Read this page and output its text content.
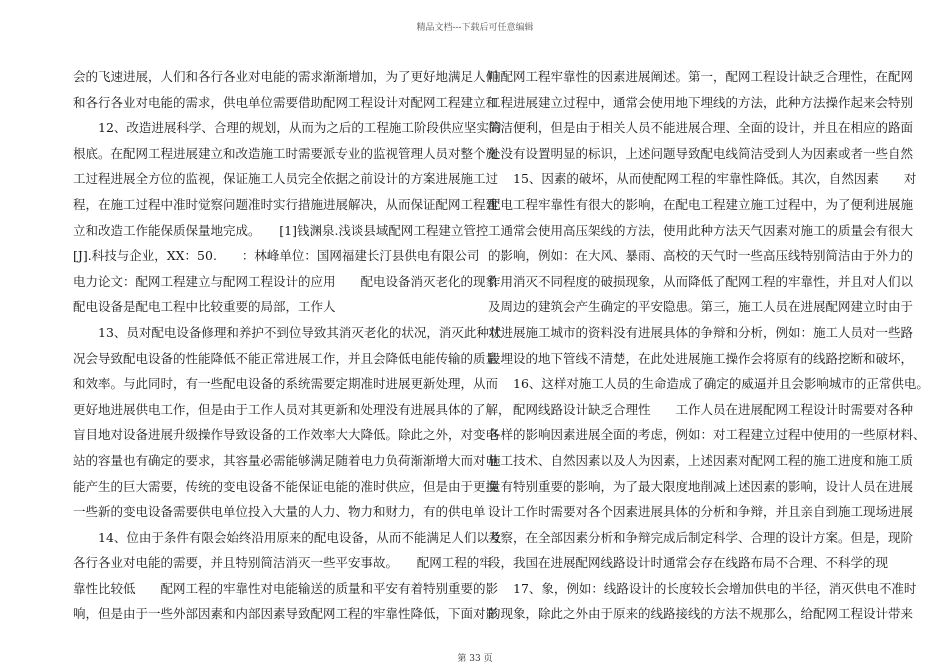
精品文档---下载后可任意编辑
会的飞速进展，人们和各行各业对电能的需求渐渐增加，为了更好地满足人们
和各行各业对电能的需求，供电单位需要借助配网工程设计对配网工程建立和
　　12、改造进展科学、合理的规划，从而为之后的工程施工阶段供应坚实的
根底。在配网工程进展建立和改造施工时需要派专业的监视管理人员对整个施
工过程进展全方位的监视，保证施工人员完全依据之前设计的方案进展施工过
程，在施工过程中准时觉察问题准时实行措施进展解决，从而保证配网工程建
立和改造工作能保质保量地完成。　　[1]钱渊泉.浅谈县域配网工程建立管控
[J].科技与企业，XX：50.　　：林峰单位：国网福建长汀县供电有限公司
电力论文：配网工程建立与配网工程设计的应用　　配电设备消灭老化的现象
配电设备是配电工程中比较重要的局部，工作人
　　13、员对配电设备修理和养护不到位导致其消灭老化的状况，消灭此种状
况会导致配电设备的性能降低不能正常进展工作，并且会降低电能传输的质量
和效率。与此同时，有一些配电设备的系统需要定期准时进展更新处理，从而
更好地进展供电工作，但是由于工作人员对其更新和处理没有进展具体的了解，
盲目地对设备进展升级操作导致设备的工作效率大大降低。除此之外，对变电
站的容量也有确定的要求，其容量必需能够满足随着电力负荷渐渐增大而对电
能产生的巨大需要，传统的变电设备不能保证电能的准时供应，但是由于更换
一些新的变电设备需要供电单位投入大量的人力、物力和财力，有的供电单
　　14、位由于条件有限会始终沿用原来的配电设备，从而不能满足人们以及
各行各业对电能的需要，并且特别简洁消灭一些平安事故。　　配网工程的牢
靠性比较低　　配网工程的牢靠性对电能输送的质量和平安有着特别重要的影
响，但是由于一些外部因素和内部因素导致配网工程的牢靠性降低，下面对影
响配网工程牢靠性的因素进展阐述。第一，配网工程设计缺乏合理性，在配网
工程进展建立过程中，通常会使用地下埋线的方法，此种方法操作起来会特别
简洁便利，但是由于相关人员不能进展合理、全面的设计，并且在相应的路面
处没有设置明显的标识，上述问题导致配电线简洁受到人为因素或者一些自然
　　15、因素的破坏，从而使配网工程的牢靠性降低。其次，自然因素　　对
配电工程牢靠性有很大的影响，在配电工程建立施工过程中，为了便利进展施
工通常会使用高压架线的方法，使用此种方法天气因素对施工的质量会有很大
的影响，例如：在大风、暴雨、高校的天气时一些高压线特别简洁由于外力的
作用消灭不同程度的破损现象，从而降低了配网工程的牢靠性，并且对人们以
及周边的建筑会产生确定的平安隐患。第三，施工人员在进展配网建立时由于
对进展施工城市的资料没有进展具体的争辩和分析，例如：施工人员对一些路
段埋设的地下管线不清楚，在此处进展施工操作会将原有的线路挖断和破坏，
　　16、这样对施工人员的生命造成了确定的威逼并且会影响城市的正常供电。
　　配网线路设计缺乏合理性　　工作人员在进展配网工程设计时需要对各种
各样的影响因素进展全面的考虑，例如：对工程建立过程中使用的一些原材料、
施工技术、自然因素以及人为因素，上述因素对配网工程的施工进度和施工质
量有特别重要的影响，为了最大限度地削减上述因素的影响，设计人员在进展
设计工作时需要对各个因素进展具体的分析和争辩，并且亲自到施工现场进展
考察，在全部因素分析和争辩完成后制定科学、合理的设计方案。但是，现阶
段，我国在进展配网线路设计时通常会存在线路布局不合理、不科学的现
　　17、象，例如：线路设计的长度较长会增加供电的半径，消灭供电不准时
的现象，除此之外由于原来的线路接线的方法不规那么，给配网工程设计带来
第 33 页
